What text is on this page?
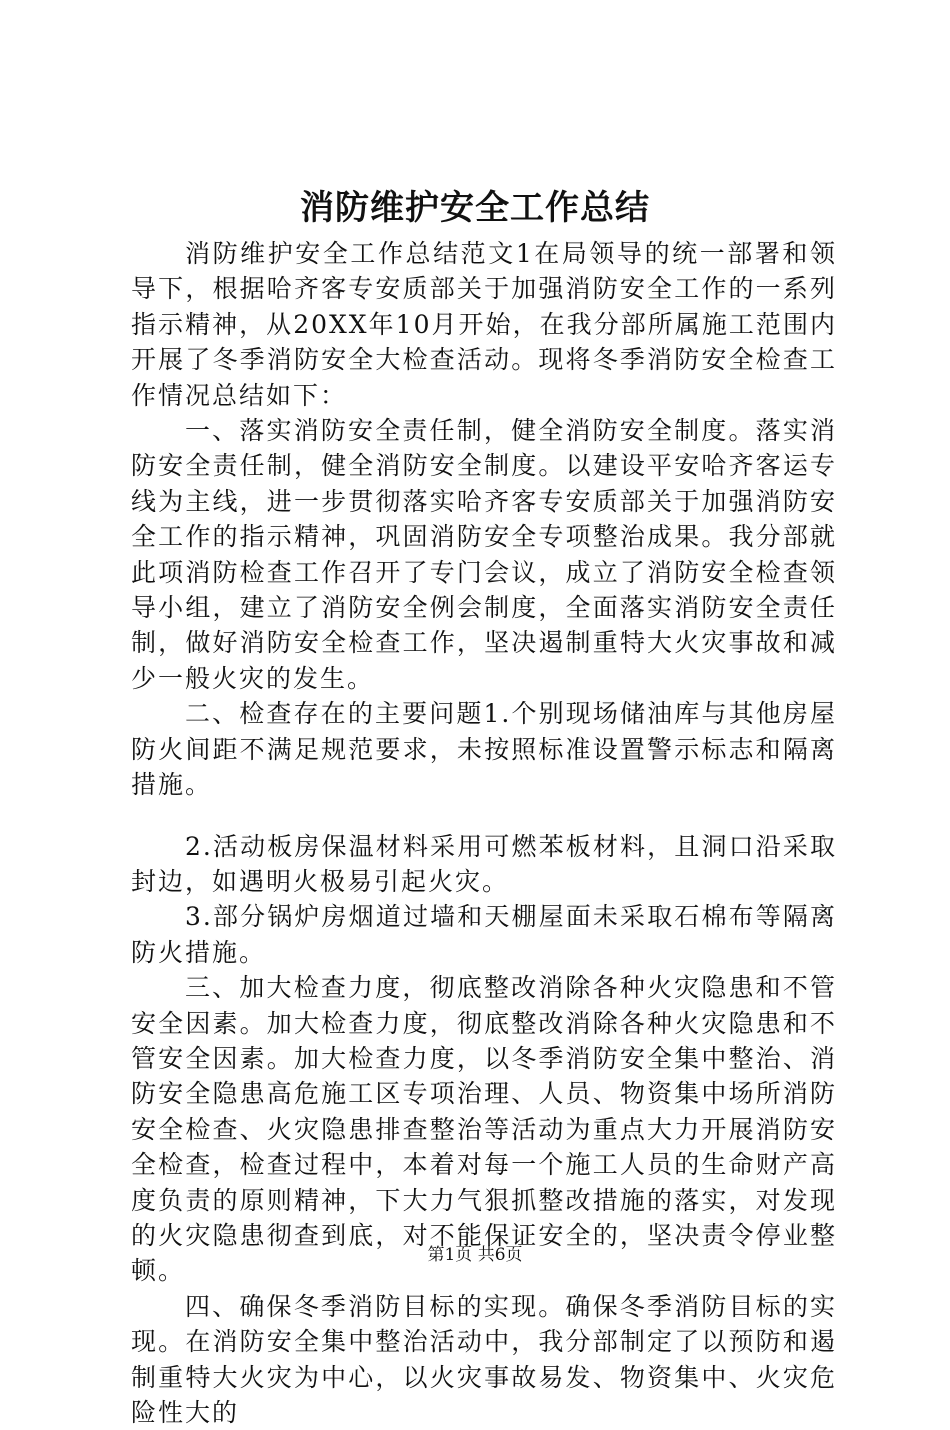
消防维护安全工作总结

消防维护安全工作总结范文1在局领导的统一部署和领导下，根据哈齐客专安质部关于加强消防安全工作的一系列指示精神，从20XX年10月开始，在我分部所属施工范围内开展了冬季消防安全大检查活动。现将冬季消防安全检查工作情况总结如下：

一、落实消防安全责任制，健全消防安全制度。落实消防安全责任制，健全消防安全制度。以建设平安哈齐客运专线为主线，进一步贯彻落实哈齐客专安质部关于加强消防安全工作的指示精神，巩固消防安全专项整治成果。我分部就此项消防检查工作召开了专门会议，成立了消防安全检查领导小组，建立了消防安全例会制度，全面落实消防安全责任制，做好消防安全检查工作，坚决遏制重特大火灾事故和减少一般火灾的发生。

二、检查存在的主要问题1.个别现场储油库与其他房屋防火间距不满足规范要求，未按照标准设置警示标志和隔离措施。

2.活动板房保温材料采用可燃苯板材料，且洞口沿采取封边，如遇明火极易引起火灾。

3.部分锅炉房烟道过墙和天棚屋面未采取石棉布等隔离防火措施。

三、加大检查力度，彻底整改消除各种火灾隐患和不管安全因素。加大检查力度，彻底整改消除各种火灾隐患和不管安全因素。加大检查力度，以冬季消防安全集中整治、消防安全隐患高危施工区专项治理、人员、物资集中场所消防安全检查、火灾隐患排查整治等活动为重点大力开展消防安全检查，检查过程中，本着对每一个施工人员的生命财产高度负责的原则精神，下大力气狠抓整改措施的落实，对发现的火灾隐患彻查到底，对不能保证安全的，坚决责令停业整顿。

四、确保冬季消防目标的实现。确保冬季消防目标的实现。在消防安全集中整治活动中，我分部制定了以预防和遏制重特大火灾为中心，以火灾事故易发、物资集中、火灾危险性大的

第1页 共6页
